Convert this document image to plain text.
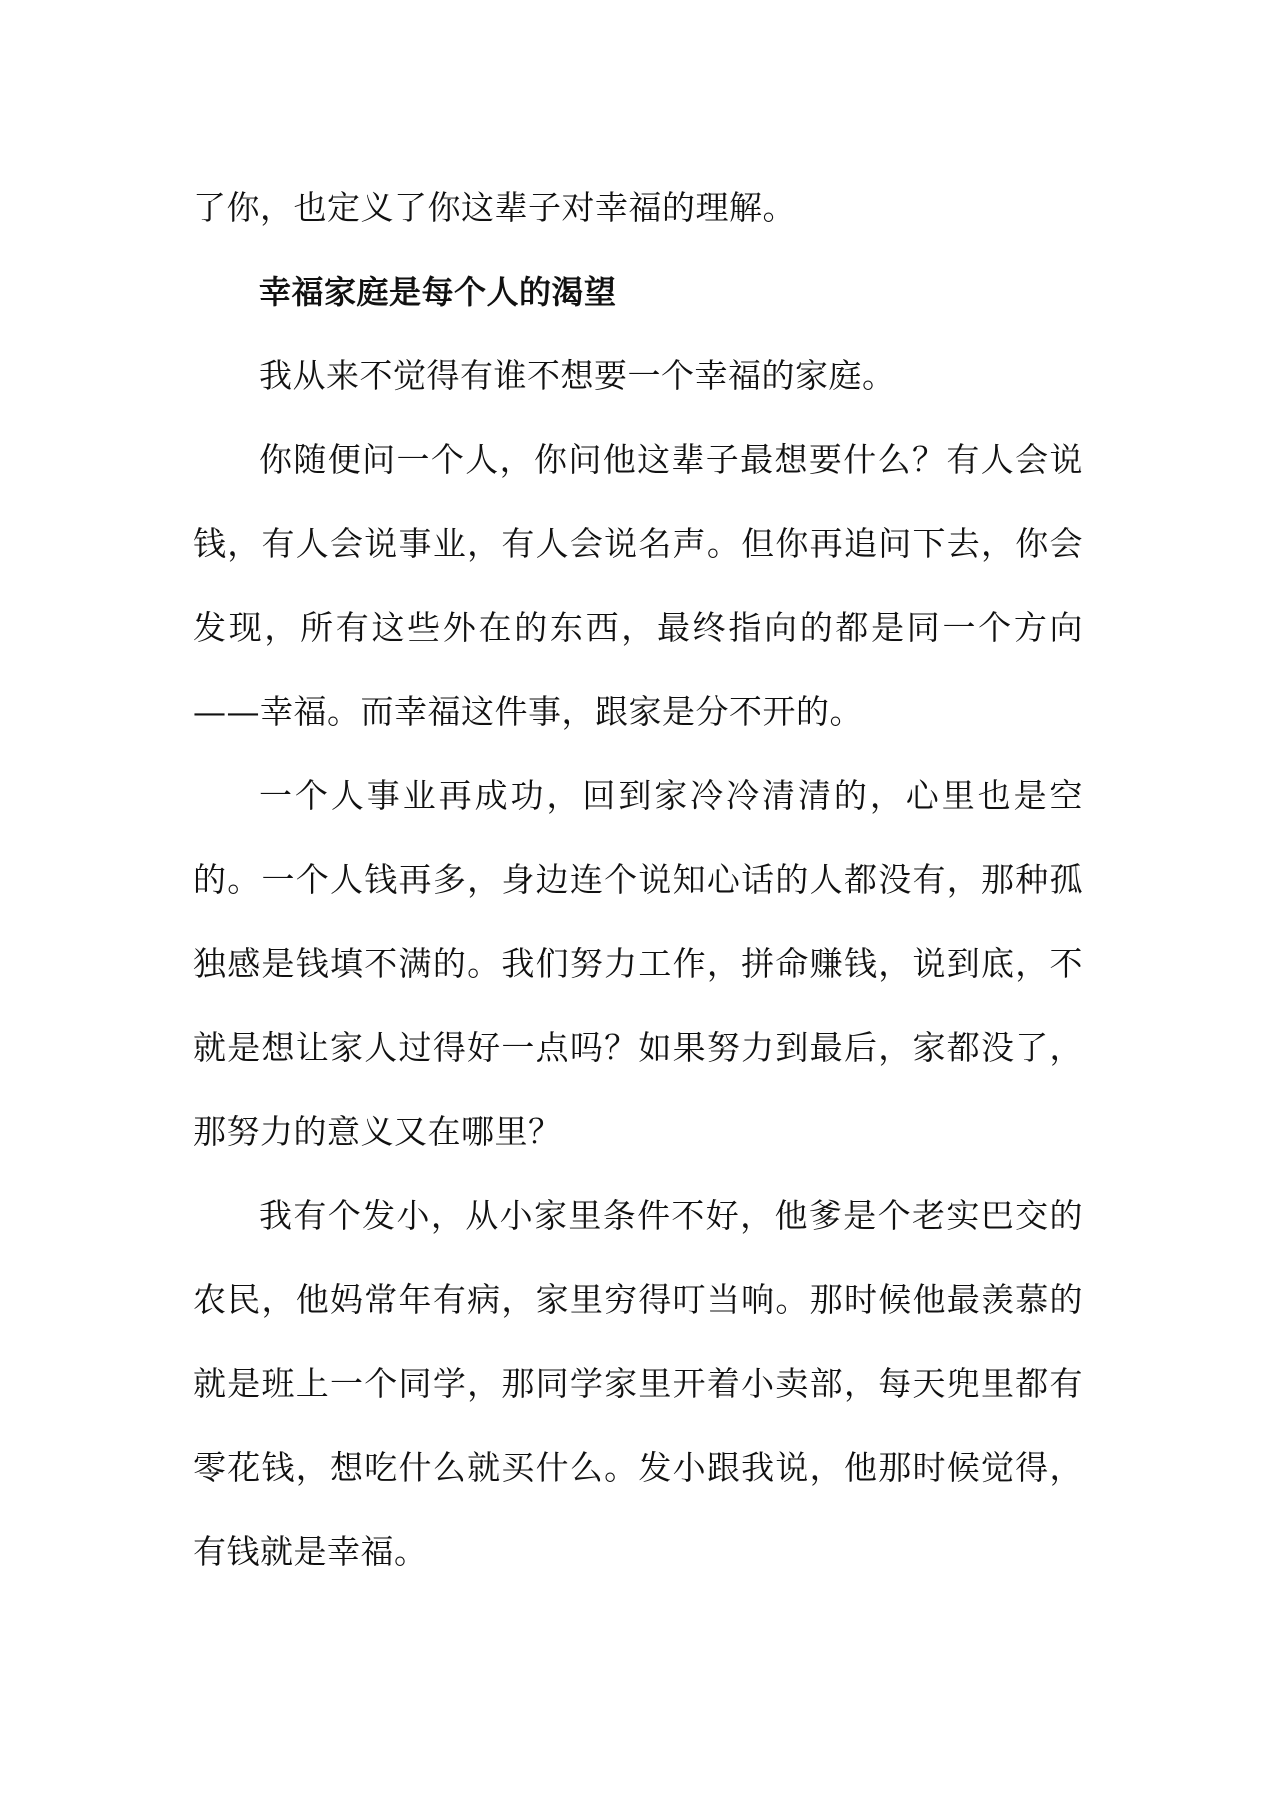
了你，也定义了你这辈子对幸福的理解。

幸福家庭是每个人的渴望

我从来不觉得有谁不想要一个幸福的家庭。

你随便问一个人，你问他这辈子最想要什么？有人会说钱，有人会说事业，有人会说名声。但你再追问下去，你会发现，所有这些外在的东西，最终指向的都是同一个方向——幸福。而幸福这件事，跟家是分不开的。

一个人事业再成功，回到家冷冷清清的，心里也是空的。一个人钱再多，身边连个说知心话的人都没有，那种孤独感是钱填不满的。我们努力工作，拼命赚钱，说到底，不就是想让家人过得好一点吗？如果努力到最后，家都没了，那努力的意义又在哪里？

我有个发小，从小家里条件不好，他爹是个老实巴交的农民，他妈常年有病，家里穷得叮当响。那时候他最羡慕的就是班上一个同学，那同学家里开着小卖部，每天兜里都有零花钱，想吃什么就买什么。发小跟我说，他那时候觉得，有钱就是幸福。
